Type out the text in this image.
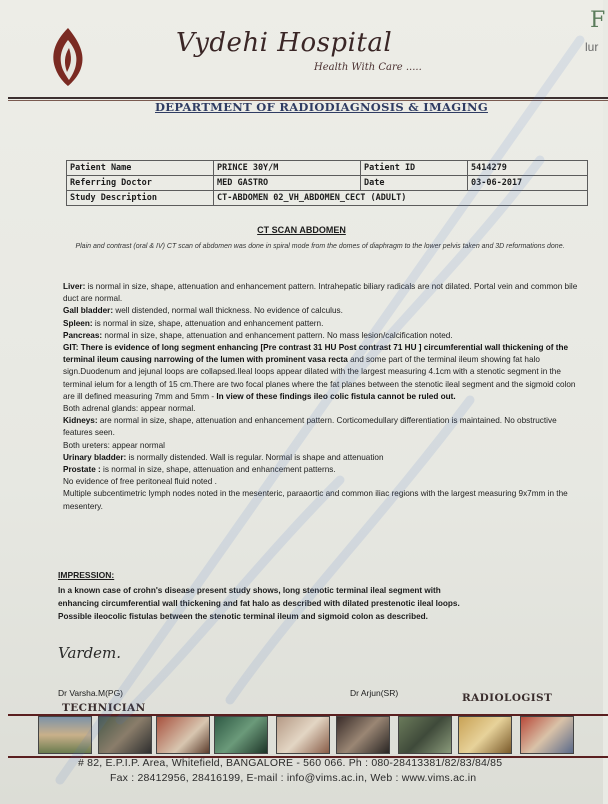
Vydehi Hospital
Health With Care .....
F
lur
DEPARTMENT OF RADIODIAGNOSIS & IMAGING
Patient Name	PRINCE 30Y/M	Patient ID	5414279
Referring Doctor	MED GASTRO	Date	03-06-2017
Study Description	CT-ABDOMEN 02_VH_ABDOMEN_CECT (ADULT)		
CT SCAN ABDOMEN
Plain and contrast (oral & IV) CT scan of abdomen was done in spiral mode from the domes of diaphragm to the lower pelvis taken and 3D reformations done.

Liver: is normal in size, shape, attenuation and enhancement pattern. Intrahepatic biliary radicals are not dilated. Portal vein and common bile duct are normal.

Gall bladder: well distended, normal wall thickness. No evidence of calculus.

Spleen: is normal in size, shape, attenuation and enhancement pattern.

Pancreas: normal in size, shape, attenuation and enhancement pattern. No mass lesion/calcification noted.

GIT: There is evidence of long segment enhancing [Pre contrast 31 HU Post contrast 71 HU ] circumferential wall thickening of the terminal ileum causing narrowing of the lumen with prominent vasa recta and some part of the terminal ileum showing fat halo sign.Duodenum and jejunal loops are collapsed.Ileal loops appear dilated with the largest measuring 4.1cm with a stenotic segment in the terminal ielum for a length of 15 cm.There are two focal planes where the fat planes between the stenotic ileal segment and the sigmoid colon are ill defined measuring 7mm and 5mm - In view of these findings ileo colic fistula cannot be ruled out.

Both adrenal glands: appear normal.

Kidneys: are normal in size, shape, attenuation and enhancement pattern. Corticomedullary differentiation is maintained. No obstructive features seen.

Both ureters: appear normal

Urinary bladder: is normally distended. Wall is regular. Normal is shape and attenuation

Prostate : is normal in size, shape, attenuation and enhancement patterns.

No evidence of free peritoneal fluid noted .

Multiple subcentimetric lymph nodes noted in the mesenteric, paraaortic and common iliac regions with the largest measuring 9x7mm in the mesentery.

IMPRESSION:

In a known case of crohn's disease present study shows, long stenotic terminal ileal segment with

enhancing circumferential wall thickening and fat halo as described with dilated prestenotic ileal loops.

Possible ileocolic fistulas between the stenotic terminal ileum and sigmoid colon as described.

Vardem.
Dr Varsha.M(PG)	Dr Arjun(SR)
TECHNICIAN
RADIOLOGIST
# 82, E.P.I.P. Area, Whitefield, BANGALORE - 560 066. Ph : 080-28413381/82/83/84/85
Fax : 28412956, 28416199, E-mail : info@vims.ac.in, Web : www.vims.ac.in
